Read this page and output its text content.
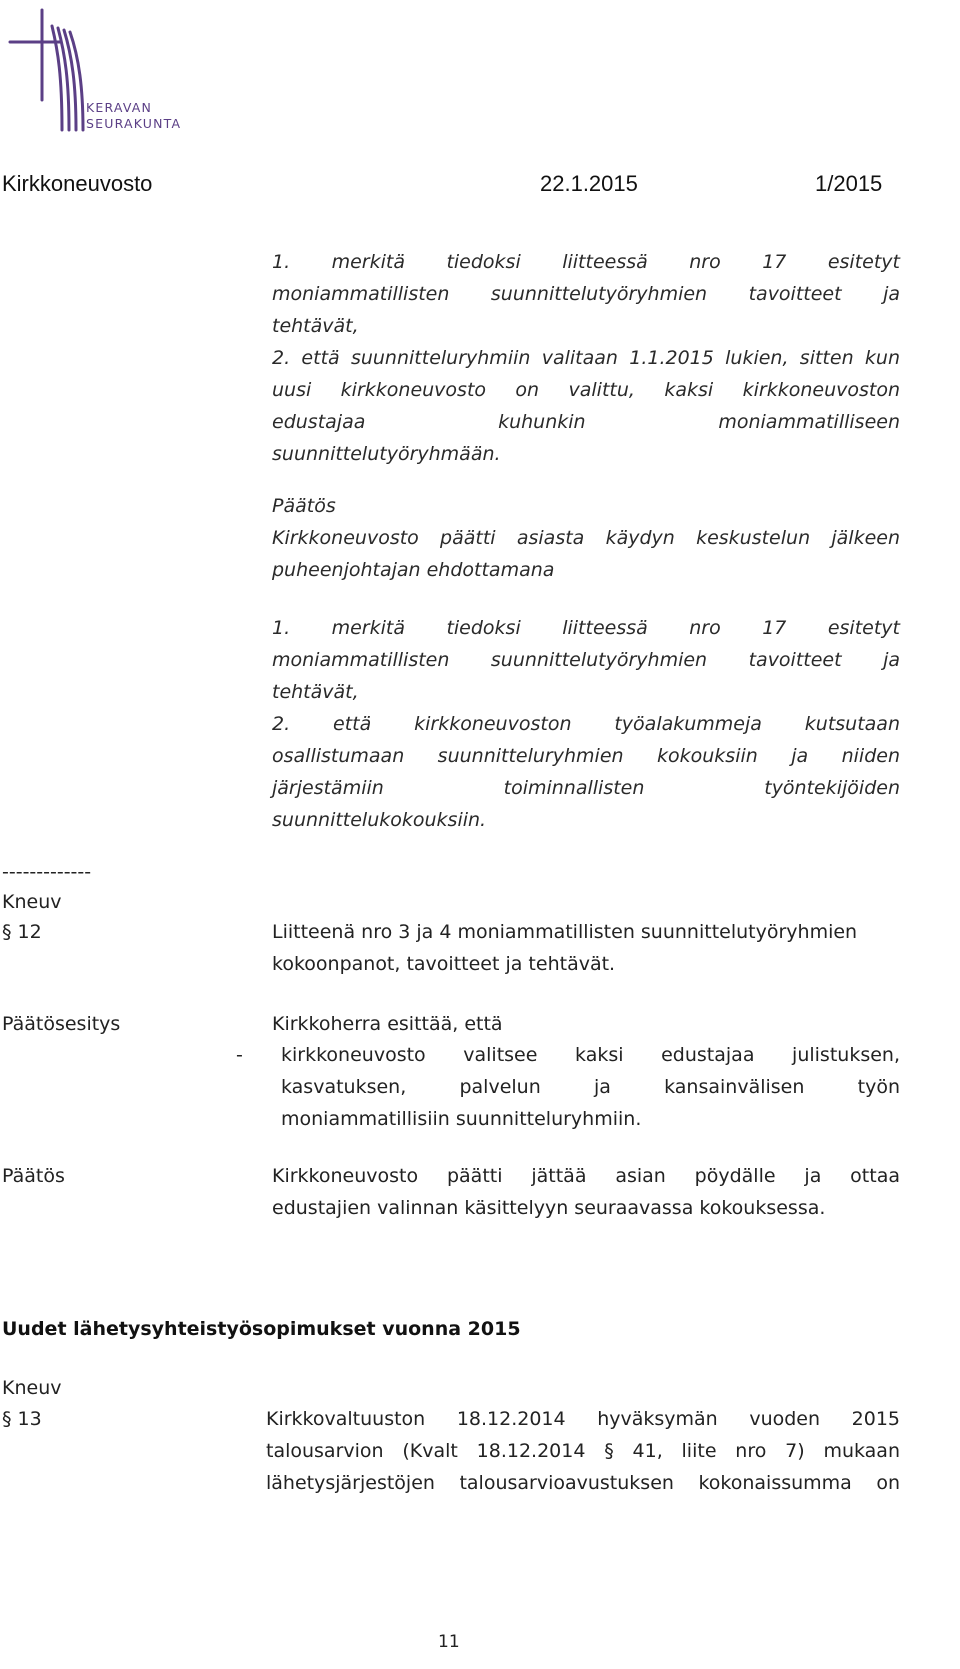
KERAVAN
SEURAKUNTA
Kirkkoneuvosto	22.1.2015	1/2015
1. merkitä tiedoksi liitteessä nro 17 esitetyt
moniammatillisten suunnittelutyöryhmien tavoitteet ja
tehtävät,
2. että suunnitteluryhmiin valitaan 1.1.2015 lukien, sitten kun
uusi kirkkoneuvosto on valittu, kaksi kirkkoneuvoston
edustajaa kuhunkin moniammatilliseen
suunnittelutyöryhmään.
Päätös
Kirkkoneuvosto päätti asiasta käydyn keskustelun jälkeen
puheenjohtajan ehdottamana
1. merkitä tiedoksi liitteessä nro 17 esitetyt
moniammatillisten suunnittelutyöryhmien tavoitteet ja
tehtävät,
2. että kirkkoneuvoston työalakummeja kutsutaan
osallistumaan suunnitteluryhmien kokouksiin ja niiden
järjestämiin toiminnallisten työntekijöiden
suunnittelukokouksiin.
-------------
Kneuv
§ 12	Liitteenä nro 3 ja 4 moniammatillisten suunnittelutyöryhmien
kokoonpanot, tavoitteet ja tehtävät.
Päätösesitys	Kirkkoherra esittää, että
- kirkkoneuvosto valitsee kaksi edustajaa julistuksen,
kasvatuksen, palvelun ja kansainvälisen työn
moniammatillisiin suunnitteluryhmiin.
Päätös	Kirkkoneuvosto päätti jättää asian pöydälle ja ottaa
edustajien valinnan käsittelyyn seuraavassa kokouksessa.
Uudet lähetysyhteistyösopimukset vuonna 2015
Kneuv
§ 13	Kirkkovaltuuston 18.12.2014 hyväksymän vuoden 2015
talousarvion (Kvalt 18.12.2014 § 41, liite nro 7) mukaan
lähetysjärjestöjen talousarvioavustuksen kokonaissumma on
11
